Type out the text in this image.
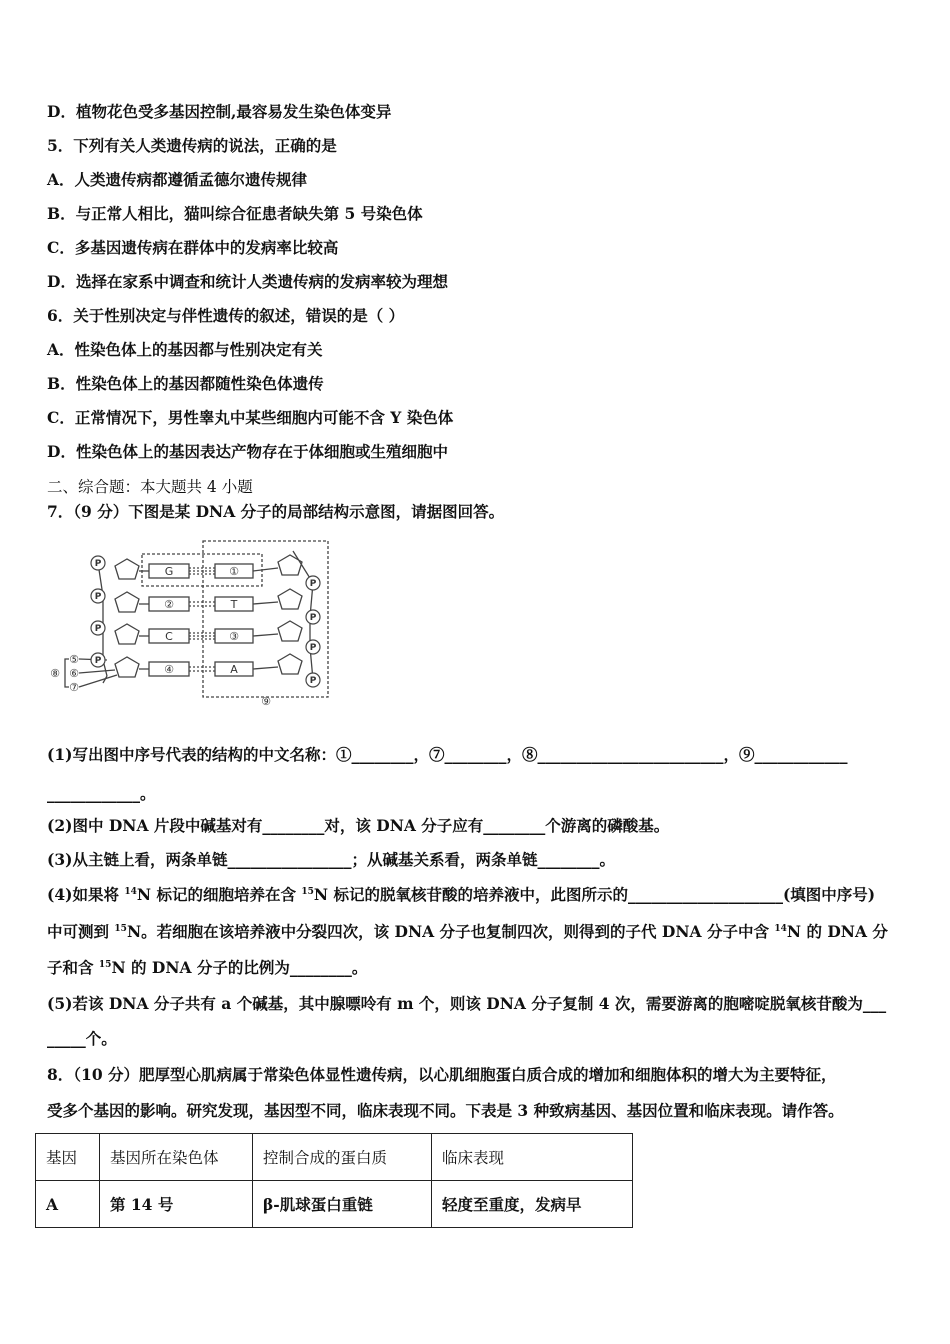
D．植物花色受多基因控制,最容易发生染色体变异
5．下列有关人类遗传病的说法，正确的是
A．人类遗传病都遵循孟德尔遗传规律
B．与正常人相比，猫叫综合征患者缺失第 5 号染色体
C．多基因遗传病在群体中的发病率比较高
D．选择在家系中调查和统计人类遗传病的发病率较为理想
6．关于性别决定与伴性遗传的叙述，错误的是（ ）
A．性染色体上的基因都与性别决定有关
B．性染色体上的基因都随性染色体遗传
C．正常情况下，男性睾丸中某些细胞内可能不含 Y 染色体
D．性染色体上的基因表达产物存在于体细胞或生殖细胞中
二、综合题：本大题共 4 小题
7．（9 分）下图是某 DNA 分子的局部结构示意图，请据图回答。
P
P
P
P
P
P
P
P
G
②
C
④
①
T
③
A
⑤
⑥
⑦
⑧
⑨
(1)写出图中序号代表的结构的中文名称：①________，⑦________，⑧________________________，⑨____________
____________。
(2)图中 DNA 片段中碱基对有________对，该 DNA 分子应有________个游离的磷酸基。
(3)从主链上看，两条单链________________；从碱基关系看，两条单链________。
(4)如果将 $^{14}$N 标记的细胞培养在含 $^{15}$N 标记的脱氧核苷酸的培养液中，此图所示的____________________(填图中序号)
中可测到 $^{15}$N。若细胞在该培养液中分裂四次，该 DNA 分子也复制四次，则得到的子代 DNA 分子中含 $^{14}$N 的 DNA 分
子和含 $^{15}$N 的 DNA 分子的比例为________。
(5)若该 DNA 分子共有 a 个碱基，其中腺嘌呤有 m 个，则该 DNA 分子复制 4 次，需要游离的胞嘧啶脱氧核苷酸为___
_____个。
8．（10 分）肥厚型心肌病属于常染色体显性遗传病，以心肌细胞蛋白质合成的增加和细胞体积的增大为主要特征，
受多个基因的影响。研究发现，基因型不同，临床表现不同。下表是 3 种致病基因、基因位置和临床表现。请作答。
基因	基因所在染色体	控制合成的蛋白质	临床表现
A	第 14 号	β-肌球蛋白重链	轻度至重度，发病早
